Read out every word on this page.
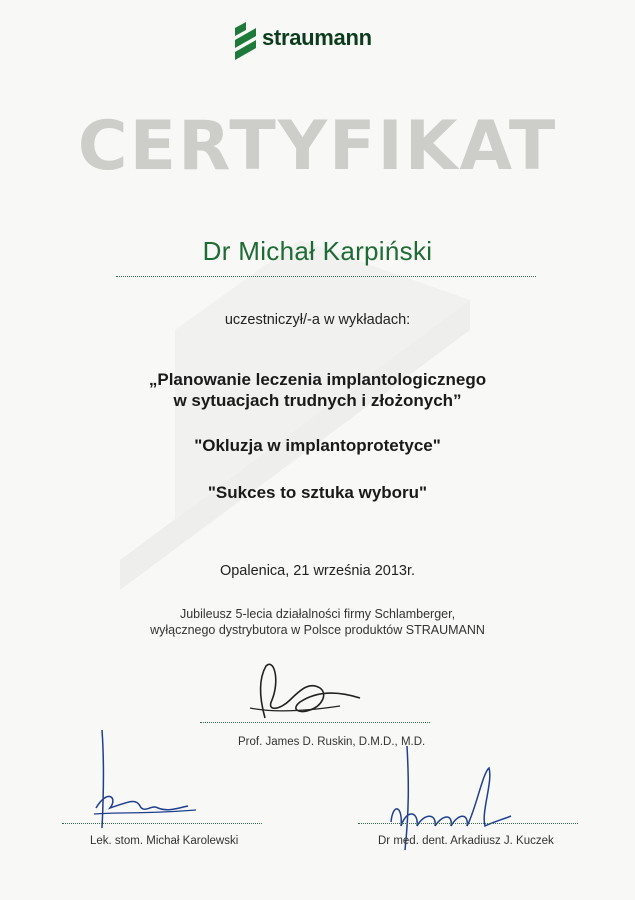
straumann
CERTYFIKAT
Dr Michał Karpiński
uczestniczył/-a w wykładach:
„Planowanie leczenia implantologicznego
w sytuacjach trudnych i złożonych”
"Okluzja w implantoprotetyce"
"Sukces to sztuka wyboru"
Opalenica, 21 września 2013r.
Jubileusz 5-lecia działalności firmy Schlamberger,
wyłącznego dystrybutora w Polsce produktów STRAUMANN
Prof. James D. Ruskin, D.M.D., M.D.
Lek. stom. Michał Karolewski	Dr med. dent. Arkadiusz J. Kuczek
